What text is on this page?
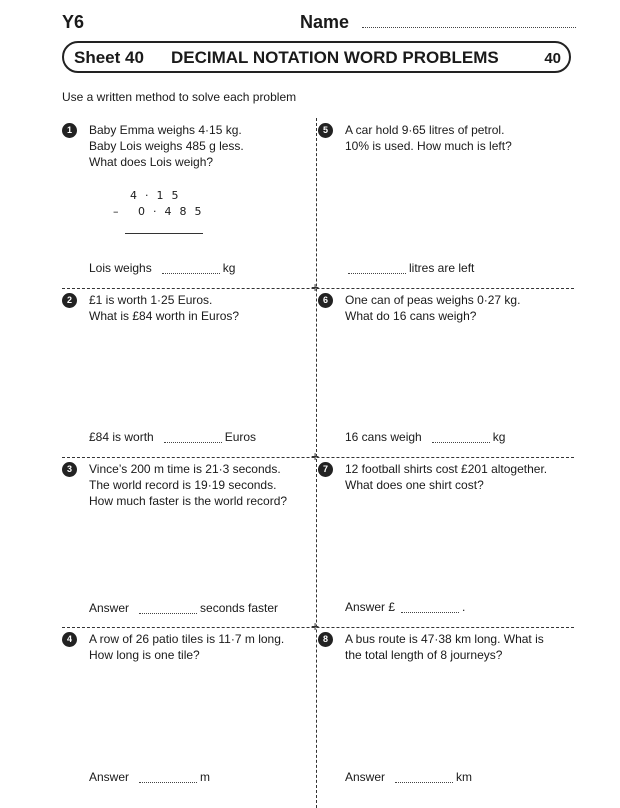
Y6	Name
Sheet 40 DECIMAL NOTATION WORD PROBLEMS	40
Use a written method to solve each problem
+
+
+
4·15
– 0·485
1	Baby Emma weighs 4·15 kg.
Baby Lois weighs 485 g less.
What does Lois weigh?
Lois weighs	kg
2	£1 is worth 1·25 Euros.
What is £84 worth in Euros?
£84 is worth	Euros
3	Vince’s 200 m time is 21·3 seconds.
The world record is 19·19 seconds.
How much faster is the world record?
Answer	seconds faster
4	A row of 26 patio tiles is 11·7 m long.
How long is one tile?
Answer	m
5	A car hold 9·65 litres of petrol.
10% is used. How much is left?
litres are left
6	One can of peas weighs 0·27 kg.
What do 16 cans weigh?
16 cans weigh	kg
7	12 football shirts cost £201 altogether.
What does one shirt cost?
Answer £	.
8	A bus route is 47·38 km long. What is
the total length of 8 journeys?
Answer	km
